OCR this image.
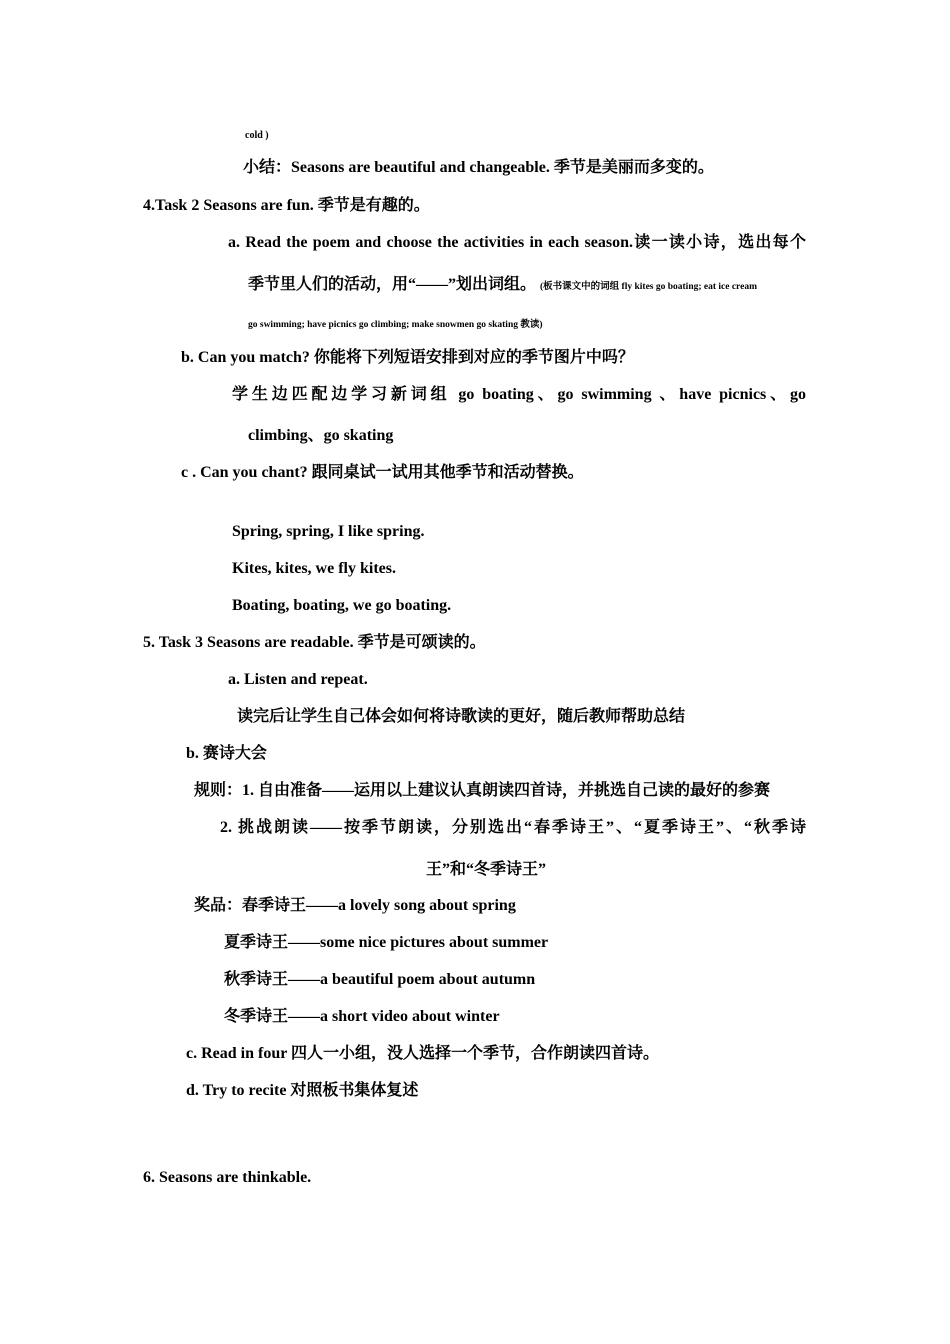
cold )
小结：Seasons are beautiful and changeable. 季节是美丽而多变的。
4.Task 2 Seasons are fun. 季节是有趣的。
a. Read the poem and choose the activities in each season.读一读小诗，选出每个
季节里人们的活动，用“——”划出词组。 (板书课文中的词组 fly kites go boating; eat ice cream
go swimming; have picnics go climbing; make snowmen go skating 教读)
b. Can you match? 你能将下列短语安排到对应的季节图片中吗？
学生边匹配边学习新词组 go boating、go swimming 、have picnics、go
climbing、go skating
c . Can you chant? 跟同桌试一试用其他季节和活动替换。
Spring, spring, I like spring.
Kites, kites, we fly kites.
Boating, boating, we go boating.
5. Task 3 Seasons are readable. 季节是可颂读的。
a. Listen and repeat.
读完后让学生自己体会如何将诗歌读的更好，随后教师帮助总结
b. 赛诗大会
规则：1. 自由准备——运用以上建议认真朗读四首诗，并挑选自己读的最好的参赛
2. 挑战朗读——按季节朗读，分别选出“春季诗王”、“夏季诗王”、“秋季诗
王”和“冬季诗王”
奖品：春季诗王——a lovely song about spring
夏季诗王——some nice pictures about summer
秋季诗王——a beautiful poem about autumn
冬季诗王——a short video about winter
c. Read in four 四人一小组，没人选择一个季节，合作朗读四首诗。
d. Try to recite 对照板书集体复述
6. Seasons are thinkable.
